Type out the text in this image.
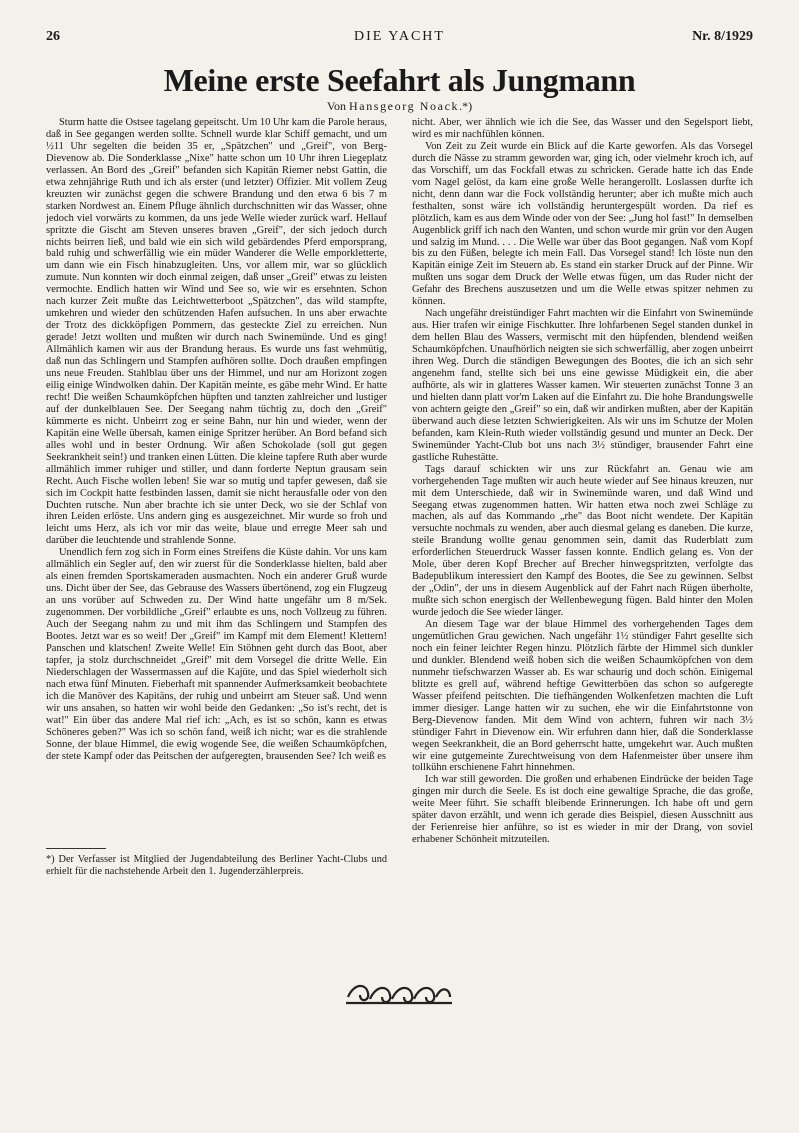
26	DIE YACHT	Nr. 8/1929
Meine erste Seefahrt als Jungmann
Von Hansgeorg Noack.*)

Sturm hatte die Ostsee tagelang gepeitscht. Um 10 Uhr kam die Parole heraus, daß in See gegangen werden sollte. Schnell wurde klar Schiff gemacht, und um ½11 Uhr segelten die beiden 35 er, „Spätzchen" und „Greif", von Berg-Dievenow ab. Die Sonderklasse „Nixe" hatte schon um 10 Uhr ihren Liegeplatz verlassen. An Bord des „Greif" befanden sich Kapitän Riemer nebst Gattin, die etwa zehnjährige Ruth und ich als erster (und letzter) Offizier. Mit vollem Zeug kreuzten wir zunächst gegen die schwere Brandung und den etwa 6 bis 7 m starken Nordwest an. Einem Pfluge ähnlich durchschnitten wir das Wasser, ohne jedoch viel vorwärts zu kommen, da uns jede Welle wieder zurück warf. Hellauf spritzte die Gischt am Steven unseres braven „Greif", der sich jedoch durch nichts beirren ließ, und bald wie ein sich wild gebärdendes Pferd emporsprang, bald ruhig und schwerfällig wie ein müder Wanderer die Welle emporkletterte, um dann wie ein Fisch hinabzugleiten. Uns, vor allem mir, war so glücklich zumute. Nun konnten wir doch einmal zeigen, daß unser „Greif" etwas zu leisten vermochte. Endlich hatten wir Wind und See so, wie wir es ersehnten. Schon nach kurzer Zeit mußte das Leichtwetterboot „Spätzchen", das wild stampfte, umkehren und wieder den schützenden Hafen aufsuchen. In uns aber erwachte der Trotz des dickköpfigen Pommern, das gesteckte Ziel zu erreichen. Nun gerade! Jetzt wollten und mußten wir durch nach Swinemünde. Und es ging! Allmählich kamen wir aus der Brandung heraus. Es wurde uns fast wehmütig, daß nun das Schlingern und Stampfen aufhören sollte. Doch draußen empfingen uns neue Freuden. Stahlblau über uns der Himmel, und nur am Horizont zogen eilig einige Windwolken dahin. Der Kapitän meinte, es gäbe mehr Wind. Er hatte recht! Die weißen Schaumköpfchen hüpften und tanzten zahlreicher und lustiger auf der dunkelblauen See. Der Seegang nahm tüchtig zu, doch den „Greif" kümmerte es nicht. Unbeirrt zog er seine Bahn, nur hin und wieder, wenn der Kapitän eine Welle übersah, kamen einige Spritzer herüber. An Bord befand sich alles wohl und in bester Ordnung. Wir aßen Schokolade (soll gut gegen Seekrankheit sein!) und tranken einen Lütten. Die kleine tapfere Ruth aber wurde allmählich immer ruhiger und stiller, und dann forderte Neptun grausam sein Recht. Auch Fische wollen leben! Sie war so mutig und tapfer gewesen, daß sie sich im Cockpit hatte festbinden lassen, damit sie nicht herausfalle oder von den Duchten rutsche. Nun aber brachte ich sie unter Deck, wo sie der Schlaf von ihren Leiden erlöste. Uns andern ging es ausgezeichnet. Mir wurde so froh und leicht ums Herz, als ich vor mir das weite, blaue und erregte Meer sah und darüber die leuchtende und strahlende Sonne.

Unendlich fern zog sich in Form eines Streifens die Küste dahin. Vor uns kam allmählich ein Segler auf, den wir zuerst für die Sonderklasse hielten, bald aber als einen fremden Sportskameraden ausmachten. Noch ein anderer Gruß wurde uns. Dicht über der See, das Gebrause des Wassers übertönend, zog ein Flugzeug an uns vorüber auf Schweden zu. Der Wind hatte ungefähr um 8 m/Sek. zugenommen. Der vorbildliche „Greif" erlaubte es uns, noch Vollzeug zu führen. Auch der Seegang nahm zu und mit ihm das Schlingern und Stampfen des Bootes. Jetzt war es so weit! Der „Greif" im Kampf mit dem Element! Klettern! Panschen und klatschen! Zweite Welle! Ein Stöhnen geht durch das Boot, aber tapfer, ja stolz durchschneidet „Greif" mit dem Vorsegel die dritte Welle. Ein Niederschlagen der Wassermassen auf die Kajüte, und das Spiel wiederholt sich nach etwa fünf Minuten. Fieberhaft mit spannender Aufmerksamkeit beobachtete ich die Manöver des Kapitäns, der ruhig und unbeirrt am Steuer saß. Und wenn wir uns ansahen, so hatten wir wohl beide den Gedanken: „So ist's recht, det is wat!" Ein über das andere Mal rief ich: „Ach, es ist so schön, kann es etwas Schöneres geben?" Was ich so schön fand, weiß ich nicht; war es die strahlende Sonne, der blaue Himmel, die ewig wogende See, die weißen Schaumköpfchen, der stete Kampf oder das Peitschen der aufgeregten, brausenden See? Ich weiß es

nicht. Aber, wer ähnlich wie ich die See, das Wasser und den Segelsport liebt, wird es mir nachfühlen können.

Von Zeit zu Zeit wurde ein Blick auf die Karte geworfen. Als das Vorsegel durch die Nässe zu stramm geworden war, ging ich, oder vielmehr kroch ich, auf das Vorschiff, um das Fockfall etwas zu schricken. Gerade hatte ich das Ende vom Nagel gelöst, da kam eine große Welle herangerollt. Loslassen durfte ich nicht, denn dann war die Fock vollständig herunter; aber ich mußte mich auch festhalten, sonst wäre ich vollständig heruntergespült worden. Da rief es plötzlich, kam es aus dem Winde oder von der See: „Jung hol fast!" In demselben Augenblick griff ich nach den Wanten, und schon wurde mir grün vor den Augen und salzig im Mund. . . . Die Welle war über das Boot gegangen. Naß vom Kopf bis zu den Füßen, belegte ich mein Fall. Das Vorsegel stand! Ich löste nun den Kapitän einige Zeit im Steuern ab. Es stand ein starker Druck auf der Pinne. Wir mußten uns sogar dem Druck der Welle etwas fügen, um das Ruder nicht der Gefahr des Brechens auszusetzen und um die Welle etwas spitzer nehmen zu können.

Nach ungefähr dreistündiger Fahrt machten wir die Einfahrt von Swinemünde aus. Hier trafen wir einige Fischkutter. Ihre lohfarbenen Segel standen dunkel in dem hellen Blau des Wassers, vermischt mit den hüpfenden, blendend weißen Schaumköpfchen. Unaufhörlich neigten sie sich schwerfällig, aber zogen unbeirrt ihren Weg. Durch die ständigen Bewegungen des Bootes, die ich an sich sehr angenehm fand, stellte sich bei uns eine gewisse Müdigkeit ein, die aber aufhörte, als wir in glatteres Wasser kamen. Wir steuerten zunächst Tonne 3 an und hielten dann platt vor'm Laken auf die Einfahrt zu. Die hohe Brandungswelle von achtern geigte den „Greif" so ein, daß wir andirken mußten, aber der Kapitän überwand auch diese letzten Schwierigkeiten. Als wir uns im Schutze der Molen befanden, kam Klein-Ruth wieder vollständig gesund und munter an Deck. Der Swinemünder Yacht-Club bot uns nach 3½ stündiger, brausender Fahrt eine gastliche Ruhestätte.

Tags darauf schickten wir uns zur Rückfahrt an. Genau wie am vorhergehenden Tage mußten wir auch heute wieder auf See hinaus kreuzen, nur mit dem Unterschiede, daß wir in Swinemünde waren, und daß Wind und Seegang etwas zugenommen hatten. Wir hatten etwa noch zwei Schläge zu machen, als auf das Kommando „rhe" das Boot nicht wendete. Der Kapitän versuchte nochmals zu wenden, aber auch diesmal gelang es daneben. Die kurze, steile Brandung wollte genau genommen sein, damit das Ruderblatt zum erforderlichen Steuerdruck Wasser fassen konnte. Endlich gelang es. Von der Mole, über deren Kopf Brecher auf Brecher hinwegspritzten, verfolgte das Badepublikum interessiert den Kampf des Bootes, die See zu gewinnen. Selbst der „Odin", der uns in diesem Augenblick auf der Fahrt nach Rügen überholte, mußte sich schon energisch der Wellenbewegung fügen. Bald hinter den Molen wurde jedoch die See wieder länger.

An diesem Tage war der blaue Himmel des vorhergehenden Tages dem ungemütlichen Grau gewichen. Nach ungefähr 1½ stündiger Fahrt gesellte sich noch ein feiner leichter Regen hinzu. Plötzlich färbte der Himmel sich dunkler und dunkler. Blendend weiß hoben sich die weißen Schaumköpfchen von dem nunmehr tiefschwarzen Wasser ab. Es war schaurig und doch schön. Einigemal blitzte es grell auf, während heftige Gewitterböen das schon so aufgeregte Wasser pfeifend peitschten. Die tiefhängenden Wolkenfetzen machten die Luft immer diesiger. Lange hatten wir zu suchen, ehe wir die Einfahrtstonne von Berg-Dievenow fanden. Mit dem Wind von achtern, fuhren wir nach 3½ stündiger Fahrt in Dievenow ein. Wir erfuhren dann hier, daß die Sonderklasse wegen Seekrankheit, die an Bord geherrscht hatte, umgekehrt war. Auch mußten wir eine gutgemeinte Zurechtweisung von dem Hafenmeister über unsere ihm tollkühn erschienene Fahrt hinnehmen.

Ich war still geworden. Die großen und erhabenen Eindrücke der beiden Tage gingen mir durch die Seele. Es ist doch eine gewaltige Sprache, die das große, weite Meer führt. Sie schafft bleibende Erinnerungen. Ich habe oft und gern später davon erzählt, und wenn ich gerade dies Beispiel, diesen Ausschnitt aus der Ferienreise hier anführe, so ist es wieder in mir der Drang, von soviel erhabener Schönheit mitzuteilen.

*) Der Verfasser ist Mitglied der Jugendabteilung des Berliner Yacht-Clubs und erhielt für die nachstehende Arbeit den 1. Jugenderzählerpreis.
